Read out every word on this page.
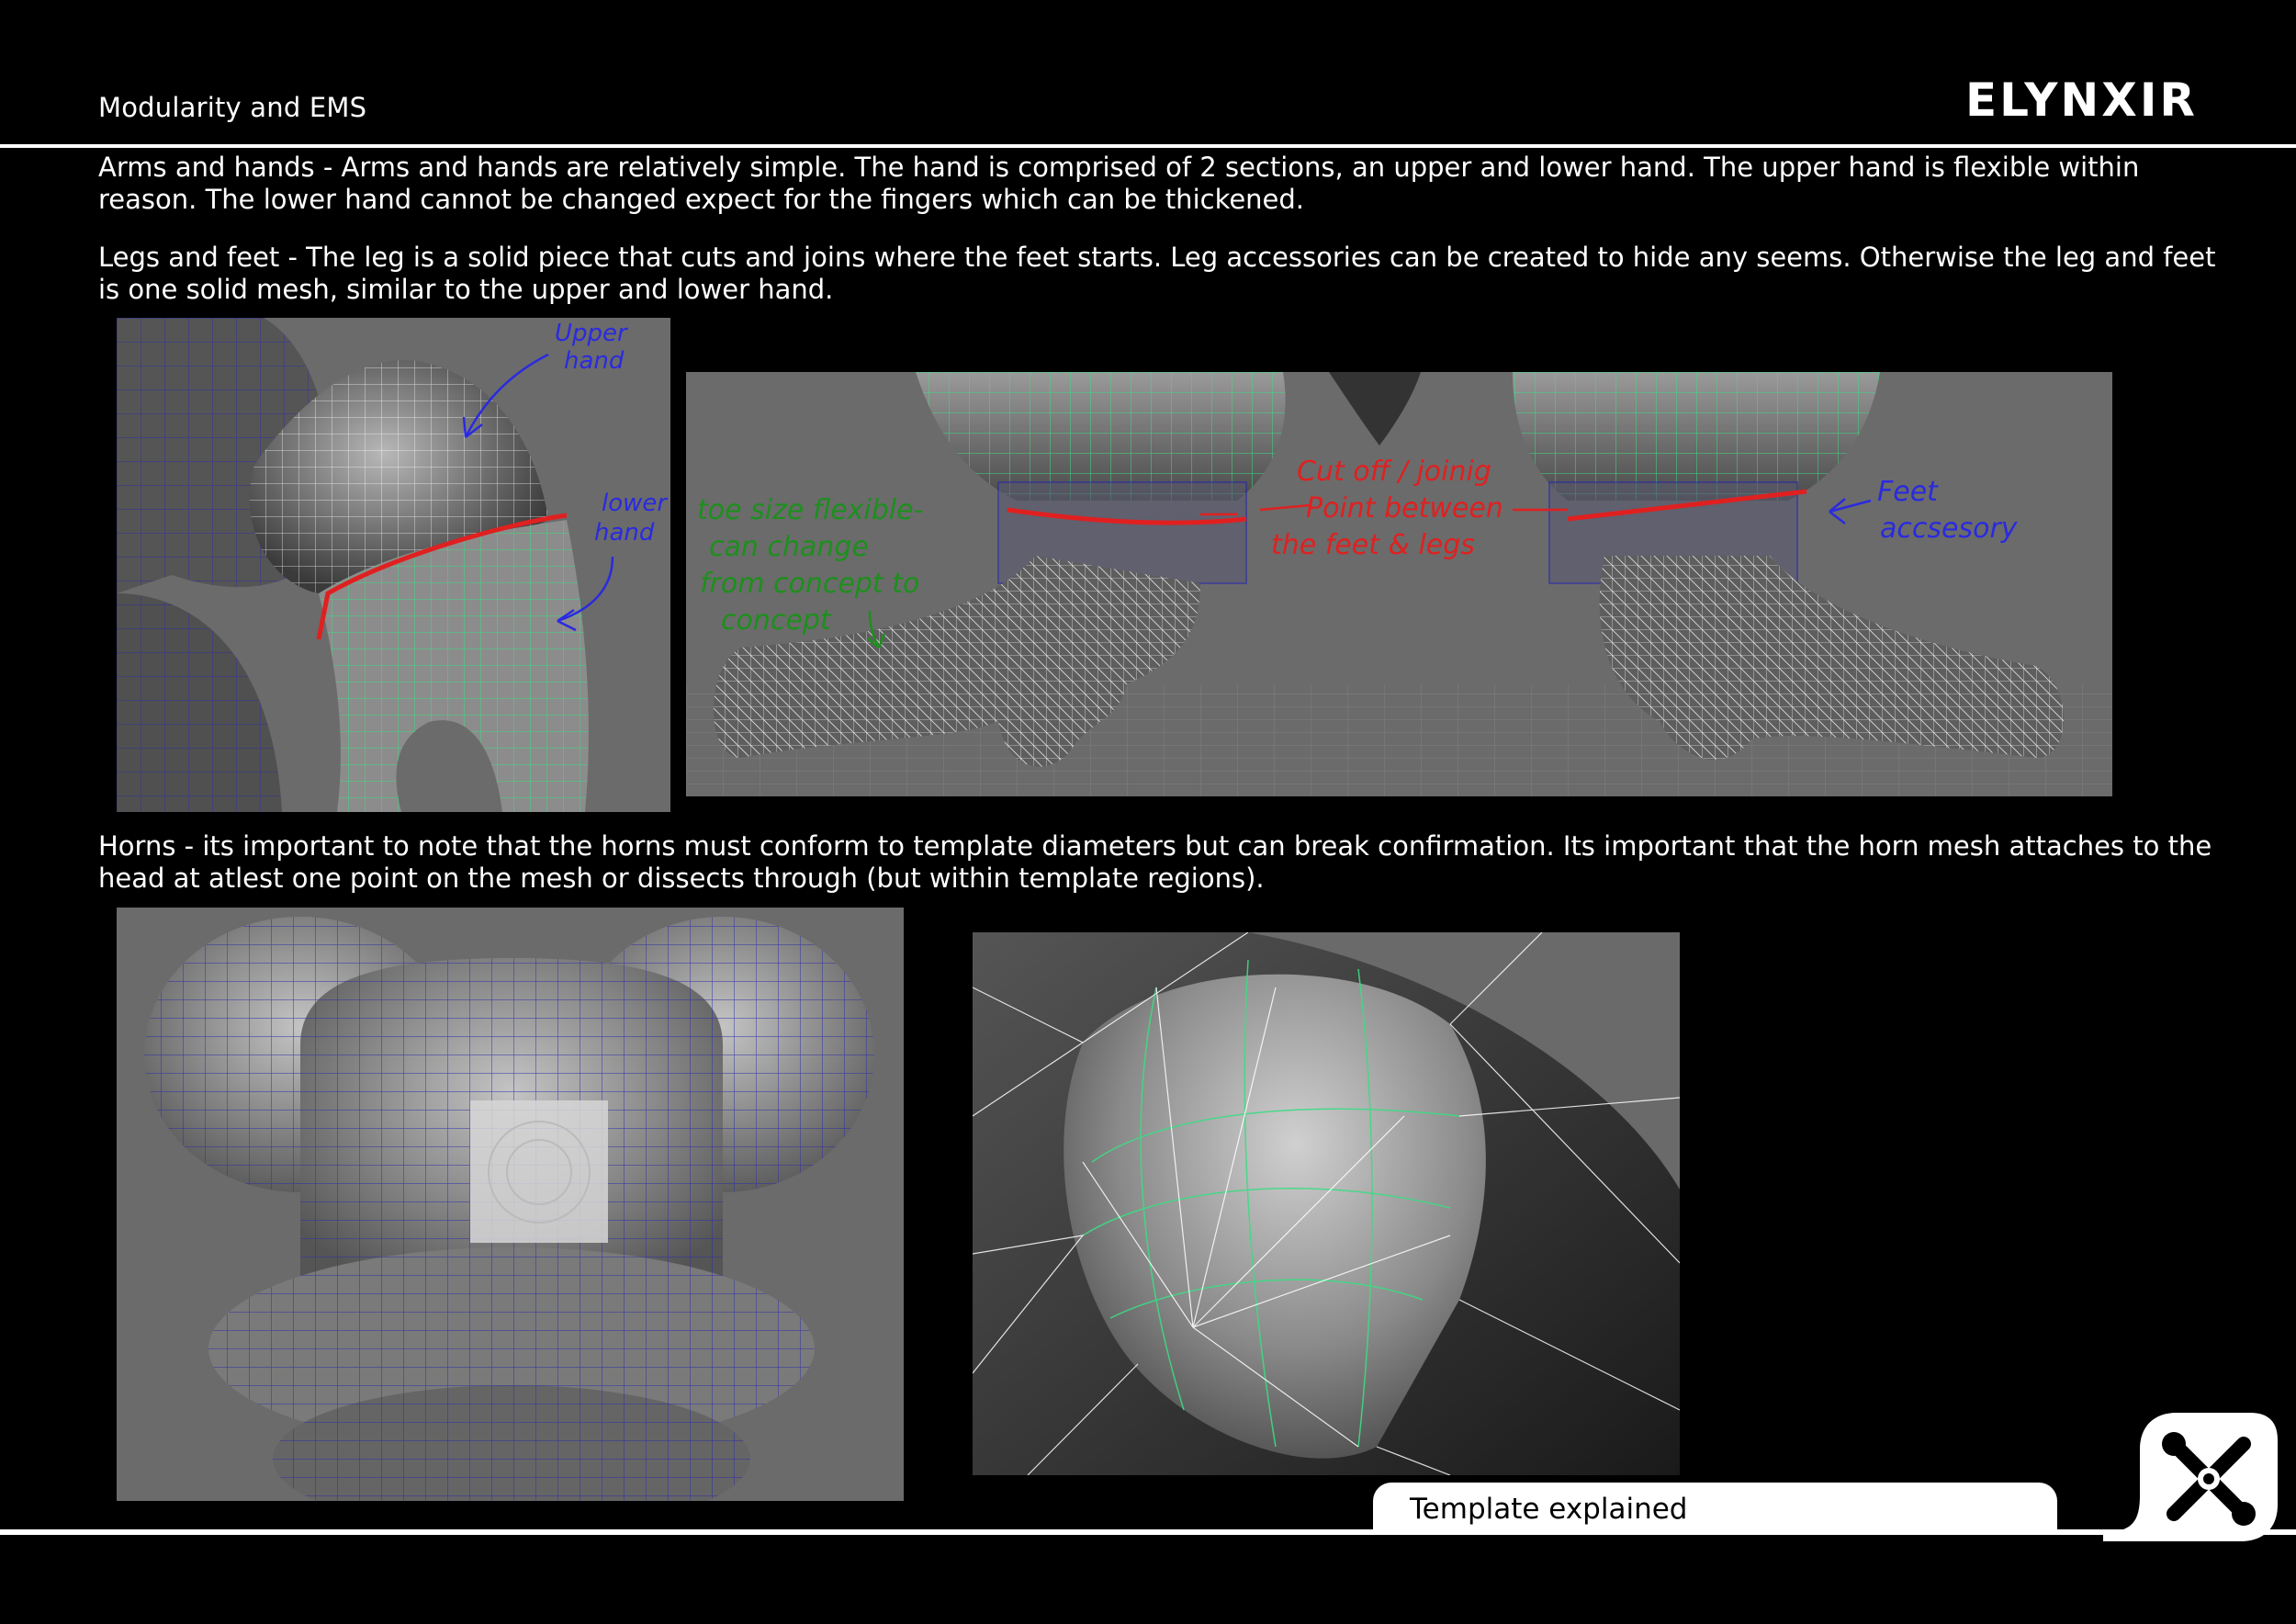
Modularity and EMS	ELYNXIR

Arms and hands - Arms and hands are relatively simple. The hand is comprised of 2 sections, an upper and lower hand. The upper hand is flexible within reason. The lower hand cannot be changed expect for the fingers which can be thickened.

Legs and feet - The leg is a solid piece that cuts and joins where the feet starts. Leg accessories can be created to hide any seems. Otherwise the leg and feet is one solid mesh, similar to the upper and lower hand.

Upper
hand
lower
hand
toe size flexible-
can change
from concept to
concept
Cut off / joinig
Point between
the feet & legs
Feet
accsesory

Horns - its important to note that the horns must conform to template diameters but can break confirmation. Its important that the horn mesh attaches to the head at atlest one point on the mesh or dissects through (but within template regions).

Template explained
